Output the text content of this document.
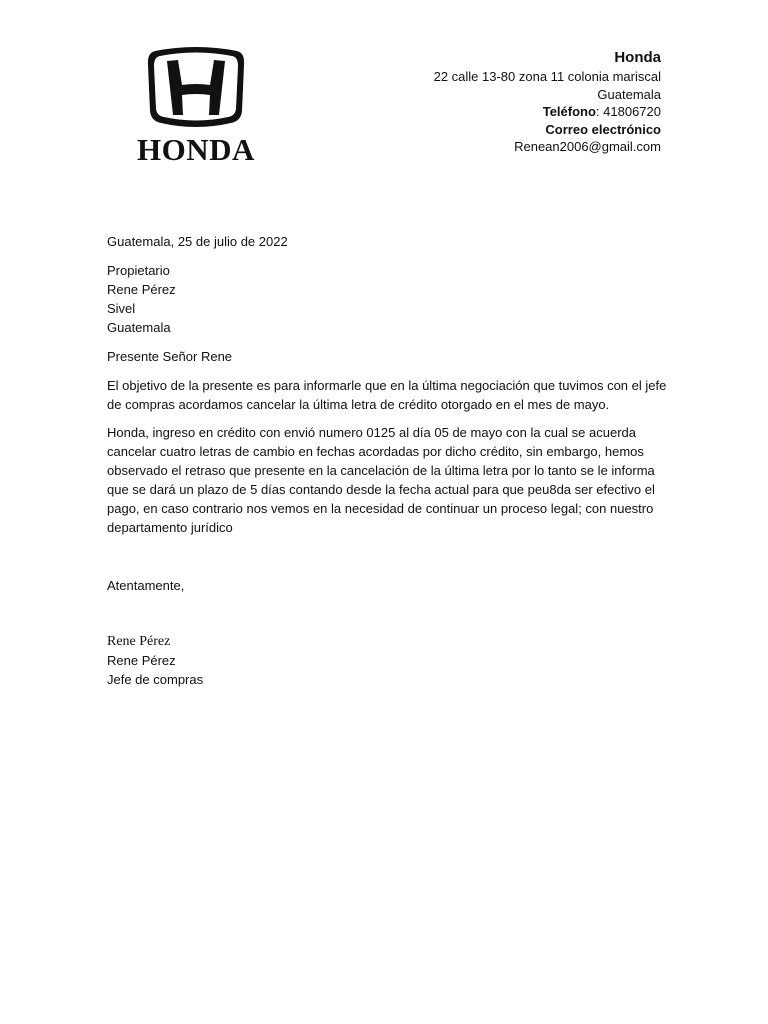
HONDA
Honda
22 calle 13-80 zona 11 colonia mariscal
Guatemala
Teléfono: 41806720
Correo electrónico
Renean2006@gmail.com
Guatemala, 25 de julio de 2022
Propietario
Rene Pérez
Sivel
Guatemala
Presente Señor Rene
El objetivo de la presente es para informarle que en la última negociación que tuvimos con el jefe de compras acordamos cancelar la última letra de crédito otorgado en el mes de mayo.
Honda, ingreso en crédito con envió numero 0125 al día 05 de mayo con la cual se acuerda cancelar cuatro letras de cambio en fechas acordadas por dicho crédito, sin embargo, hemos observado el retraso que presente en la cancelación de la última letra por lo tanto se le informa que se dará un plazo de 5 días contando desde la fecha actual para que peu8da ser efectivo el pago, en caso contrario nos vemos en la necesidad de continuar un proceso legal; con nuestro departamento jurídico
Atentamente,
Rene Pérez
Rene Pérez
Jefe de compras
